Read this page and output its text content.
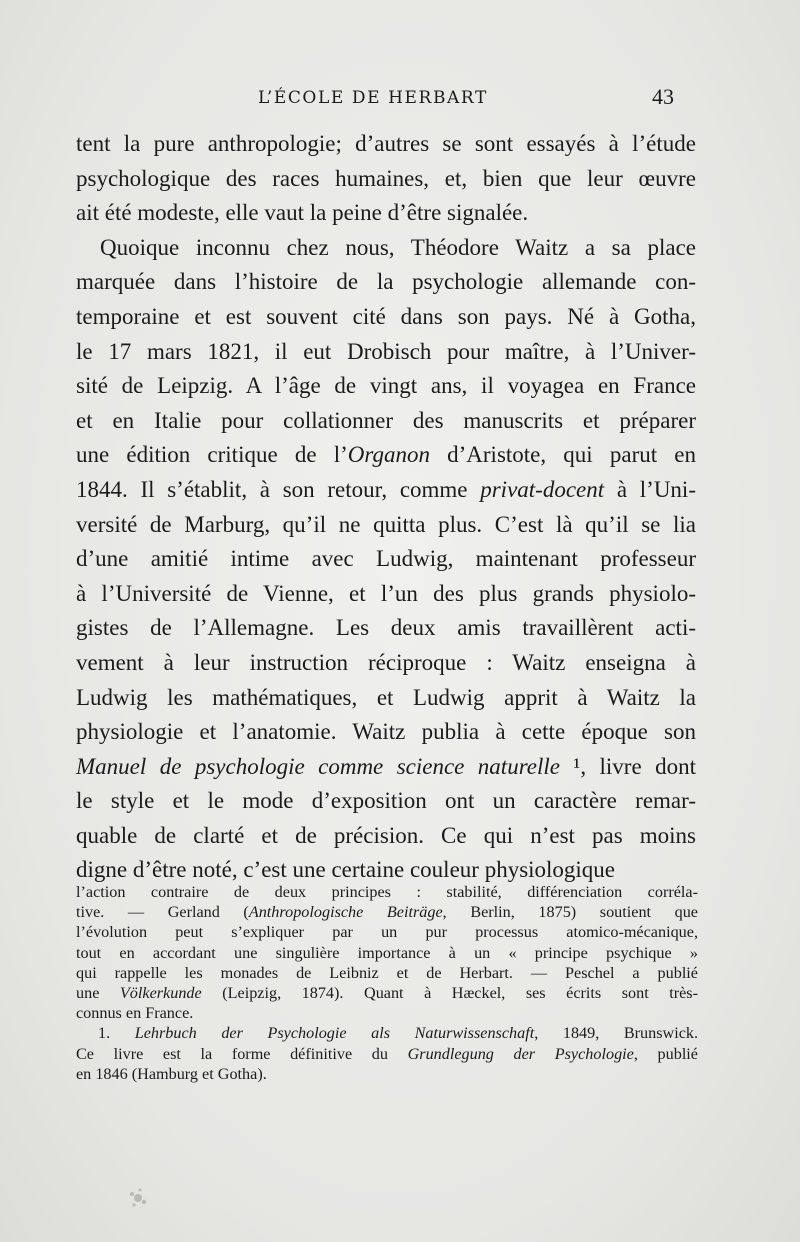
L’ÉCOLE DE HERBART	43
tent la pure anthropologie; d’autres se sont essayés à l’étude
psychologique des races humaines, et, bien que leur œuvre
ait été modeste, elle vaut la peine d’être signalée.
Quoique inconnu chez nous, Théodore Waitz a sa place
marquée dans l’histoire de la psychologie allemande con-
temporaine et est souvent cité dans son pays. Né à Gotha,
le 17 mars 1821, il eut Drobisch pour maître, à l’Univer-
sité de Leipzig. A l’âge de vingt ans, il voyagea en France
et en Italie pour collationner des manuscrits et préparer
une édition critique de l’Organon d’Aristote, qui parut en
1844. Il s’établit, à son retour, comme privat-docent à l’Uni-
versité de Marburg, qu’il ne quitta plus. C’est là qu’il se lia
d’une amitié intime avec Ludwig, maintenant professeur
à l’Université de Vienne, et l’un des plus grands physiolo-
gistes de l’Allemagne. Les deux amis travaillèrent acti-
vement à leur instruction réciproque : Waitz enseigna à
Ludwig les mathématiques, et Ludwig apprit à Waitz la
physiologie et l’anatomie. Waitz publia à cette époque son
Manuel de psychologie comme science naturelle ¹, livre dont
le style et le mode d’exposition ont un caractère remar-
quable de clarté et de précision. Ce qui n’est pas moins
digne d’être noté, c’est une certaine couleur physiologique
l’action contraire de deux principes : stabilité, différenciation corréla-
tive. — Gerland (Anthropologische Beiträge, Berlin, 1875) soutient que
l’évolution peut s’expliquer par un pur processus atomico-mécanique,
tout en accordant une singulière importance à un « principe psychique »
qui rappelle les monades de Leibniz et de Herbart. — Peschel a publié
une Völkerkunde (Leipzig, 1874). Quant à Hæckel, ses écrits sont très-
connus en France.
1. Lehrbuch der Psychologie als Naturwissenschaft, 1849, Brunswick.
Ce livre est la forme définitive du Grundlegung der Psychologie, publié
en 1846 (Hamburg et Gotha).
